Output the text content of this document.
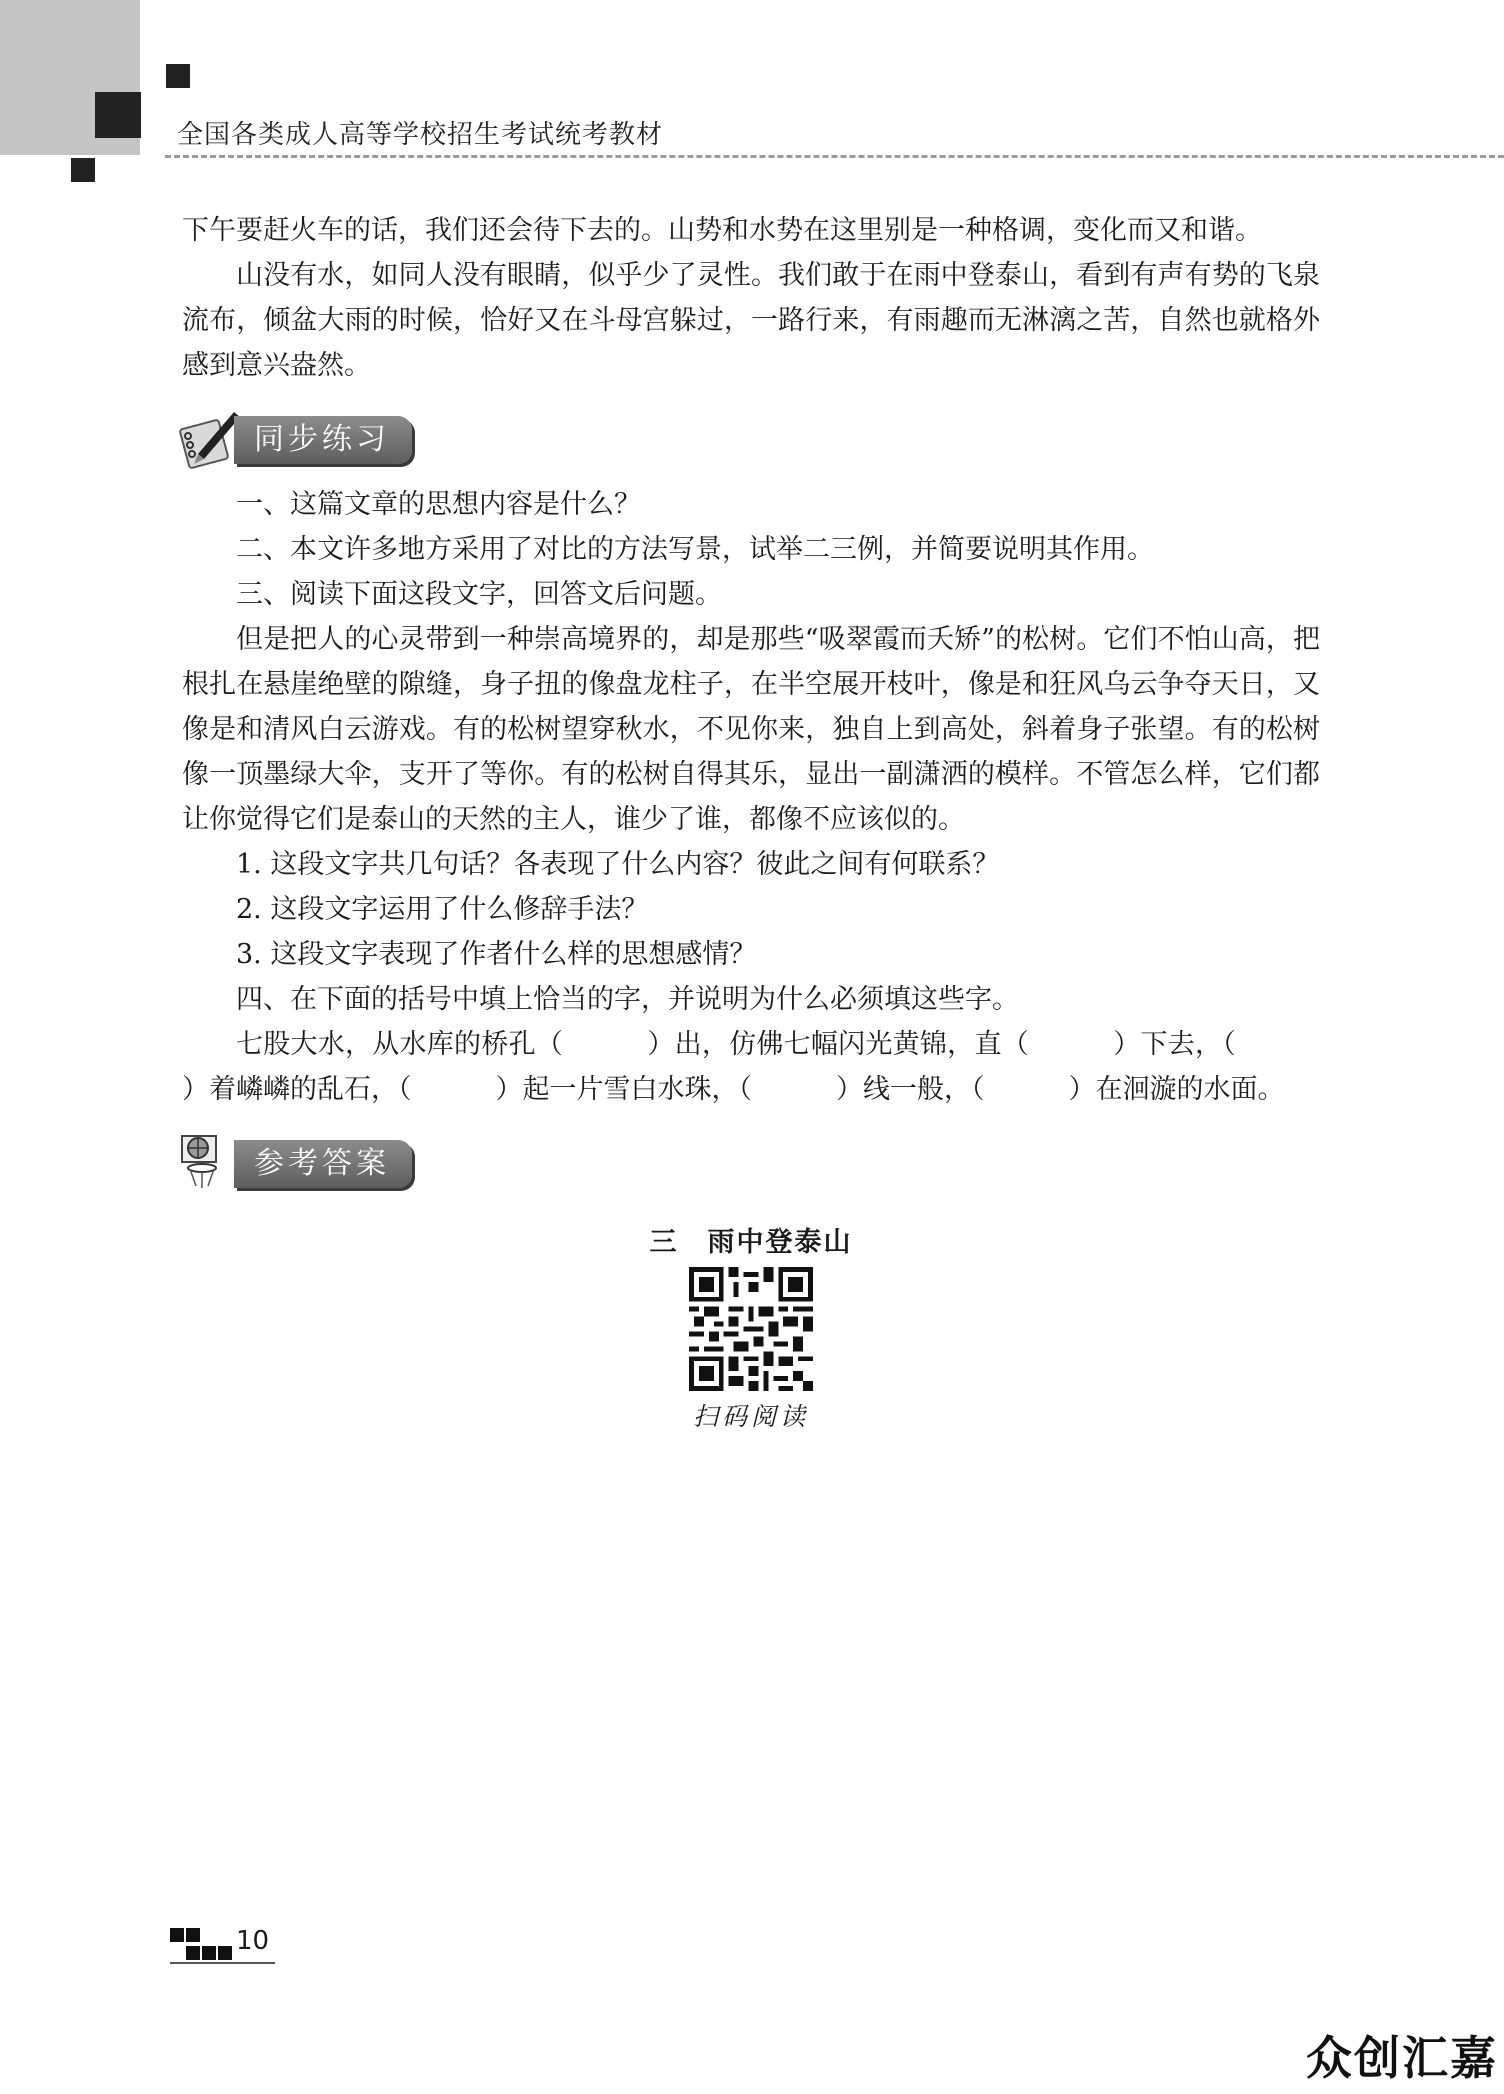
全国各类成人高等学校招生考试统考教材

下午要赶火车的话，我们还会待下去的。山势和水势在这里别是一种格调，变化而又和谐。

山没有水，如同人没有眼睛，似乎少了灵性。我们敢于在雨中登泰山，看到有声有势的飞泉流布，倾盆大雨的时候，恰好又在斗母宫躲过，一路行来，有雨趣而无淋漓之苦，自然也就格外感到意兴盎然。

同步练习

一、这篇文章的思想内容是什么？

二、本文许多地方采用了对比的方法写景，试举二三例，并简要说明其作用。

三、阅读下面这段文字，回答文后问题。

但是把人的心灵带到一种崇高境界的，却是那些“吸翠霞而夭矫”的松树。它们不怕山高，把根扎在悬崖绝壁的隙缝，身子扭的像盘龙柱子，在半空展开枝叶，像是和狂风乌云争夺天日，又像是和清风白云游戏。有的松树望穿秋水，不见你来，独自上到高处，斜着身子张望。有的松树像一顶墨绿大伞，支开了等你。有的松树自得其乐，显出一副潇洒的模样。不管怎么样，它们都让你觉得它们是泰山的天然的主人，谁少了谁，都像不应该似的。

1. 这段文字共几句话？各表现了什么内容？彼此之间有何联系？

2. 这段文字运用了什么修辞手法？

3. 这段文字表现了作者什么样的思想感情？

四、在下面的括号中填上恰当的字，并说明为什么必须填这些字。

七股大水，从水库的桥孔（	）出，仿佛七幅闪光黄锦，直（	）下去，（）着嶙嶙的乱石，（	）起一片雪白水珠，（	）线一般，（	）在洄漩的水面。

参考答案
三　雨中登泰山
扫码阅读
10
众创汇嘉
